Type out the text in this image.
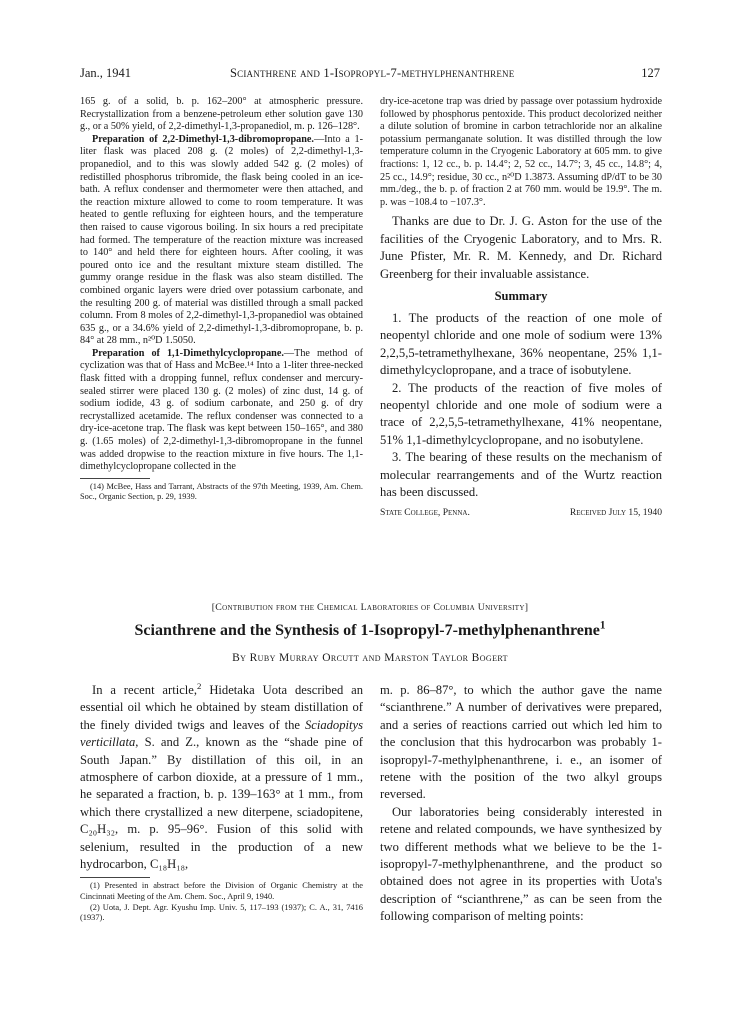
Jan., 1941	Scianthrene and 1-Isopropyl-7-methylphenanthrene	127

165 g. of a solid, b. p. 162–200° at atmospheric pressure. Recrystallization from a benzene-petroleum ether solution gave 130 g., or a 50% yield, of 2,2-dimethyl-1,3-propanediol, m. p. 126–128°.

Preparation of 2,2-Dimethyl-1,3-dibromopropane.—Into a 1-liter flask was placed 208 g. (2 moles) of 2,2-dimethyl-1,3-propanediol, and to this was slowly added 542 g. (2 moles) of redistilled phosphorus tribromide, the flask being cooled in an ice-bath. A reflux condenser and thermometer were then attached, and the reaction mixture allowed to come to room temperature. It was heated to gentle refluxing for eighteen hours, and the temperature then raised to cause vigorous boiling. In six hours a red precipitate had formed. The temperature of the reaction mixture was increased to 140° and held there for eighteen hours. After cooling, it was poured onto ice and the resultant mixture steam distilled. The gummy orange residue in the flask was also steam distilled. The combined organic layers were dried over potassium carbonate, and the resulting 200 g. of material was distilled through a small packed column. From 8 moles of 2,2-dimethyl-1,3-propanediol was obtained 635 g., or a 34.6% yield of 2,2-dimethyl-1,3-dibromopropane, b. p. 84° at 28 mm., n²⁰D 1.5050.

Preparation of 1,1-Dimethylcyclopropane.—The method of cyclization was that of Hass and McBee.¹⁴ Into a 1-liter three-necked flask fitted with a dropping funnel, reflux condenser and mercury-sealed stirrer were placed 130 g. (2 moles) of zinc dust, 14 g. of sodium iodide, 43 g. of sodium carbonate, and 250 g. of dry recrystallized acetamide. The reflux condenser was connected to a dry-ice-acetone trap. The flask was kept between 150–165°, and 380 g. (1.65 moles) of 2,2-dimethyl-1,3-dibromopropane in the funnel was added dropwise to the reaction mixture in five hours. The 1,1-dimethylcyclopropane collected in the

(14) McBee, Hass and Tarrant, Abstracts of the 97th Meeting, 1939, Am. Chem. Soc., Organic Section, p. 29, 1939.

dry-ice-acetone trap was dried by passage over potassium hydroxide followed by phosphorus pentoxide. This product decolorized neither a dilute solution of bromine in carbon tetrachloride nor an alkaline potassium permanganate solution. It was distilled through the low temperature column in the Cryogenic Laboratory at 605 mm. to give fractions: 1, 12 cc., b. p. 14.4°; 2, 52 cc., 14.7°; 3, 45 cc., 14.8°; 4, 25 cc., 14.9°; residue, 30 cc., n²⁰D 1.3873. Assuming dP/dT to be 30 mm./deg., the b. p. of fraction 2 at 760 mm. would be 19.9°. The m. p. was −108.4 to −107.3°.

Thanks are due to Dr. J. G. Aston for the use of the facilities of the Cryogenic Laboratory, and to Mrs. R. June Pfister, Mr. R. M. Kennedy, and Dr. Richard Greenberg for their invaluable assistance.

Summary

1. The products of the reaction of one mole of neopentyl chloride and one mole of sodium were 13% 2,2,5,5-tetramethylhexane, 36% neopentane, 25% 1,1-dimethylcyclopropane, and a trace of isobutylene.

2. The products of the reaction of five moles of neopentyl chloride and one mole of sodium were a trace of 2,2,5,5-tetramethylhexane, 41% neopentane, 51% 1,1-dimethylcyclopropane, and no isobutylene.

3. The bearing of these results on the mechanism of molecular rearrangements and of the Wurtz reaction has been discussed.

State College, Penna.	Received July 15, 1940
[Contribution from the Chemical Laboratories of Columbia University]
Scianthrene and the Synthesis of 1-Isopropyl-7-methylphenanthrene$^1$
By Ruby Murray Orcutt and Marston Taylor Bogert

In a recent article,$^2$ Hidetaka Uota described an essential oil which he obtained by steam distillation of the finely divided twigs and leaves of the Sciadopitys verticillata, S. and Z., known as the “shade pine of South Japan.” By distillation of this oil, in an atmosphere of carbon dioxide, at a pressure of 1 mm., he separated a fraction, b. p. 139–163° at 1 mm., from which there crystallized a new diterpene, sciadopitene, C₂₀H₃₂, m. p. 95–96°. Fusion of this solid with selenium, resulted in the production of a new hydrocarbon, C₁₈H₁₈,

(1) Presented in abstract before the Division of Organic Chemistry at the Cincinnati Meeting of the Am. Chem. Soc., April 9, 1940.

(2) Uota, J. Dept. Agr. Kyushu Imp. Univ. 5, 117–193 (1937); C. A., 31, 7416 (1937).

m. p. 86–87°, to which the author gave the name “scianthrene.” A number of derivatives were prepared, and a series of reactions carried out which led him to the conclusion that this hydrocarbon was probably 1-isopropyl-7-methylphenanthrene, i. e., an isomer of retene with the position of the two alkyl groups reversed.

Our laboratories being considerably interested in retene and related compounds, we have synthesized by two different methods what we believe to be the 1-isopropyl-7-methylphenanthrene, and the product so obtained does not agree in its properties with Uota's description of “scianthrene,” as can be seen from the following comparison of melting points:
